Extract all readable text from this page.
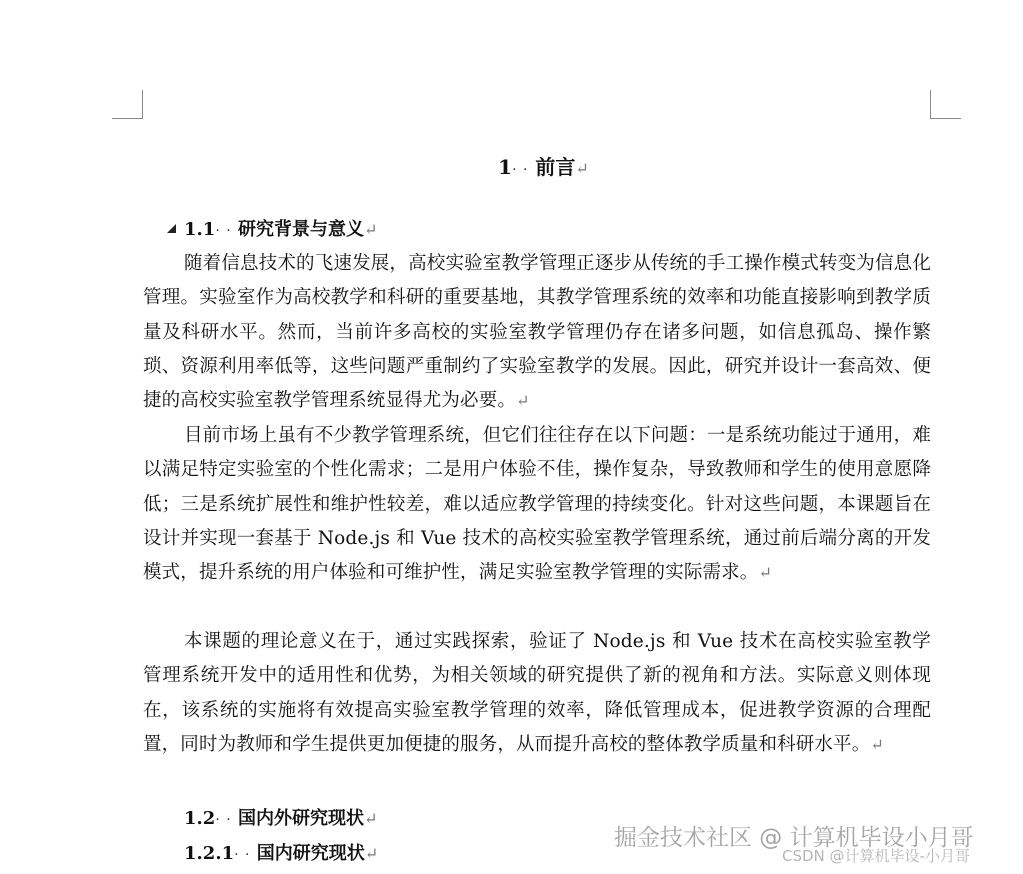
1· · 前言↵
1.1· · 研究背景与意义↵
随着信息技术的飞速发展，高校实验室教学管理正逐步从传统的手工操作模式转变为信息化管理。实验室作为高校教学和科研的重要基地，其教学管理系统的效率和功能直接影响到教学质量及科研水平。然而，当前许多高校的实验室教学管理仍存在诸多问题，如信息孤岛、操作繁琐、资源利用率低等，这些问题严重制约了实验室教学的发展。因此，研究并设计一套高效、便捷的高校实验室教学管理系统显得尤为必要。↵
目前市场上虽有不少教学管理系统，但它们往往存在以下问题：一是系统功能过于通用，难以满足特定实验室的个性化需求；二是用户体验不佳，操作复杂，导致教师和学生的使用意愿降低；三是系统扩展性和维护性较差，难以适应教学管理的持续变化。针对这些问题，本课题旨在设计并实现一套基于 Node.js 和 Vue 技术的高校实验室教学管理系统，通过前后端分离的开发模式，提升系统的用户体验和可维护性，满足实验室教学管理的实际需求。↵
本课题的理论意义在于，通过实践探索，验证了 Node.js 和 Vue 技术在高校实验室教学管理系统开发中的适用性和优势，为相关领域的研究提供了新的视角和方法。实际意义则体现在，该系统的实施将有效提高实验室教学管理的效率，降低管理成本，促进教学资源的合理配置，同时为教师和学生提供更加便捷的服务，从而提升高校的整体教学质量和科研水平。↵
1.2· · 国内外研究现状↵
1.2.1· · 国内研究现状↵
掘金技术社区 @ 计算机毕设小月哥
CSDN @计算机毕设-小月哥
